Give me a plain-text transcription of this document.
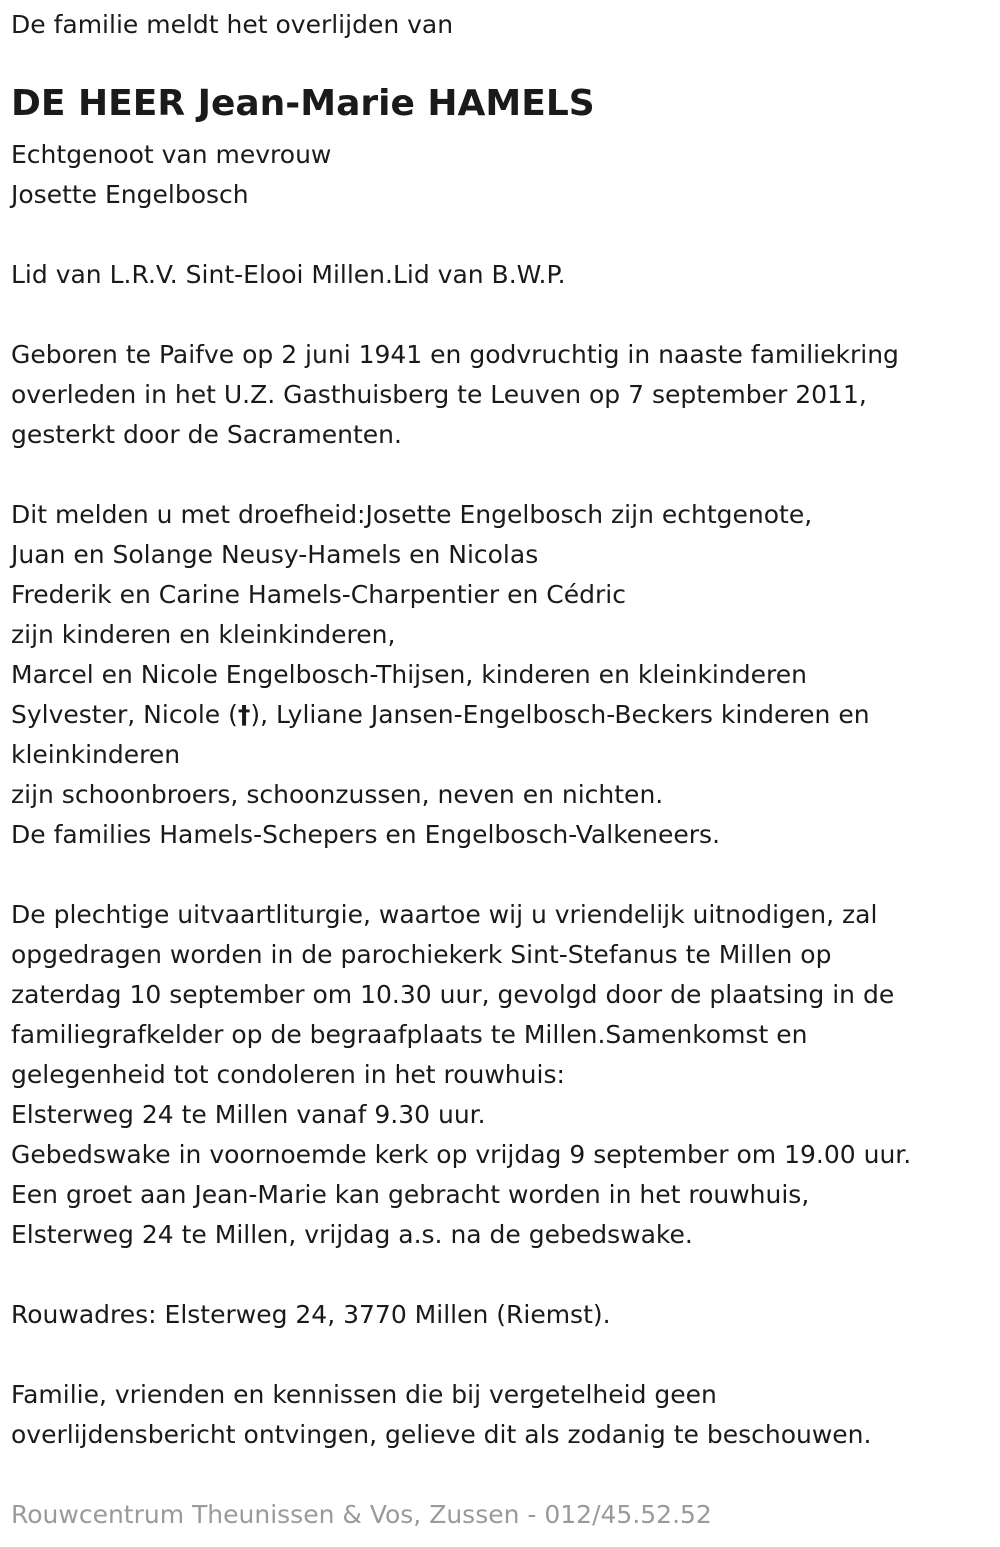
De familie meldt het overlijden van
DE HEER Jean-Marie HAMELS
Echtgenoot van mevrouw
Josette Engelbosch
Lid van L.R.V. Sint-Elooi Millen.Lid van B.W.P.
Geboren te Paifve op 2 juni 1941 en godvruchtig in naaste familiekring
overleden in het U.Z. Gasthuisberg te Leuven op 7 september 2011,
gesterkt door de Sacramenten.
Dit melden u met droefheid:Josette Engelbosch zijn echtgenote,
Juan en Solange Neusy-Hamels en Nicolas
Frederik en Carine Hamels-Charpentier en Cédric
zijn kinderen en kleinkinderen,
Marcel en Nicole Engelbosch-Thijsen, kinderen en kleinkinderen
Sylvester, Nicole (†), Lyliane Jansen-Engelbosch-Beckers kinderen en
kleinkinderen
zijn schoonbroers, schoonzussen, neven en nichten.
De families Hamels-Schepers en Engelbosch-Valkeneers.
De plechtige uitvaartliturgie, waartoe wij u vriendelijk uitnodigen, zal
opgedragen worden in de parochiekerk Sint-Stefanus te Millen op
zaterdag 10 september om 10.30 uur, gevolgd door de plaatsing in de
familiegrafkelder op de begraafplaats te Millen.Samenkomst en
gelegenheid tot condoleren in het rouwhuis:
Elsterweg 24 te Millen vanaf 9.30 uur.
Gebedswake in voornoemde kerk op vrijdag 9 september om 19.00 uur.
Een groet aan Jean-Marie kan gebracht worden in het rouwhuis,
Elsterweg 24 te Millen, vrijdag a.s. na de gebedswake.
Rouwadres: Elsterweg 24, 3770 Millen (Riemst).
Familie, vrienden en kennissen die bij vergetelheid geen
overlijdensbericht ontvingen, gelieve dit als zodanig te beschouwen.
Rouwcentrum Theunissen & Vos, Zussen - 012/45.52.52
